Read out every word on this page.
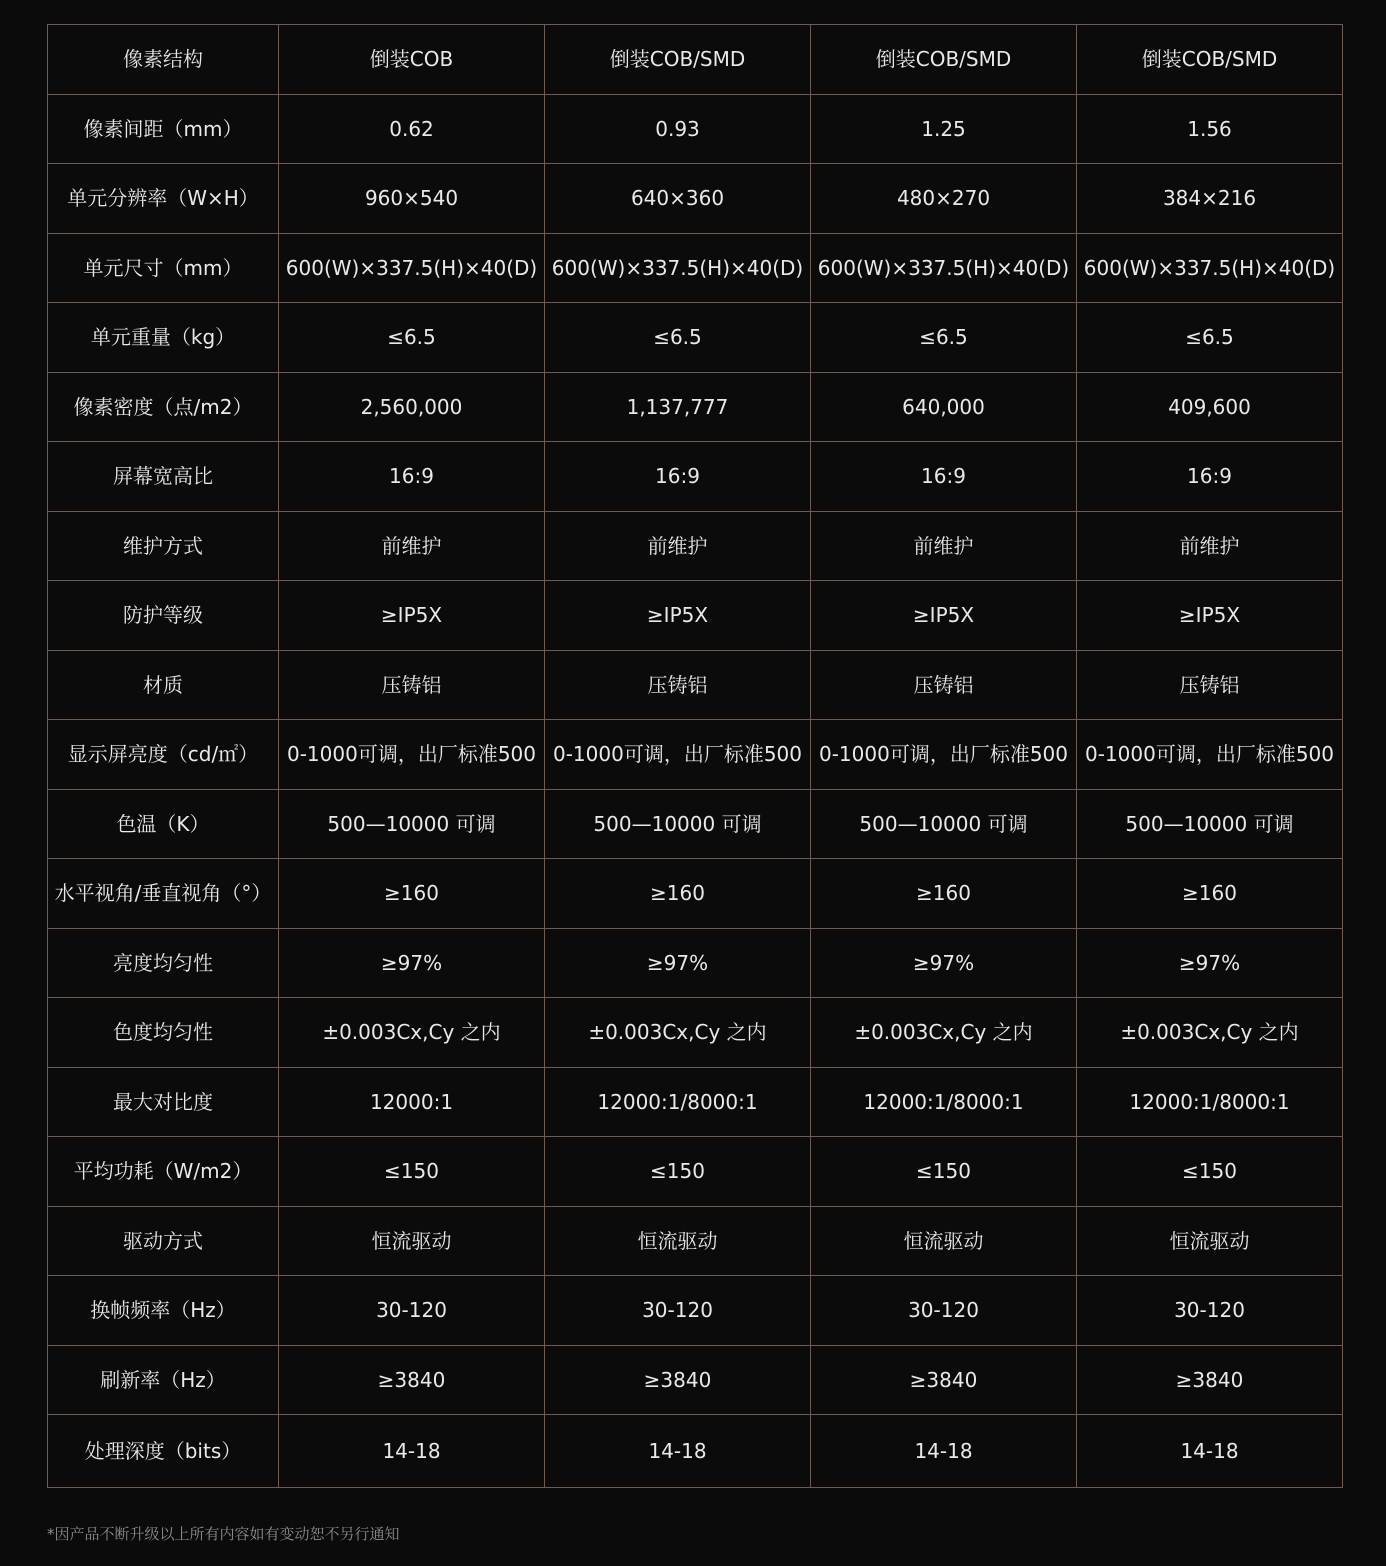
像素结构	倒装COB	倒装COB/SMD	倒装COB/SMD	倒装COB/SMD
像素间距（mm）	0.62	0.93	1.25	1.56
单元分辨率（W×H）	960×540	640×360	480×270	384×216
单元尺寸（mm）	600(W)×337.5(H)×40(D)	600(W)×337.5(H)×40(D)	600(W)×337.5(H)×40(D)	600(W)×337.5(H)×40(D)
单元重量（kg）	≤6.5	≤6.5	≤6.5	≤6.5
像素密度（点/m2）	2,560,000	1,137,777	640,000	409,600
屏幕宽高比	16:9	16:9	16:9	16:9
维护方式	前维护	前维护	前维护	前维护
防护等级	≥IP5X	≥IP5X	≥IP5X	≥IP5X
材质	压铸铝	压铸铝	压铸铝	压铸铝
显示屏亮度（cd/㎡）	0-1000可调，出厂标准500	0-1000可调，出厂标准500	0-1000可调，出厂标准500	0-1000可调，出厂标准500
色温（K）	500—10000 可调	500—10000 可调	500—10000 可调	500—10000 可调
水平视角/垂直视角（°）	≥160	≥160	≥160	≥160
亮度均匀性	≥97%	≥97%	≥97%	≥97%
色度均匀性	±0.003Cx,Cy 之内	±0.003Cx,Cy 之内	±0.003Cx,Cy 之内	±0.003Cx,Cy 之内
最大对比度	12000:1	12000:1/8000:1	12000:1/8000:1	12000:1/8000:1
平均功耗（W/m2）	≤150	≤150	≤150	≤150
驱动方式	恒流驱动	恒流驱动	恒流驱动	恒流驱动
换帧频率（Hz）	30-120	30-120	30-120	30-120
刷新率（Hz）	≥3840	≥3840	≥3840	≥3840
处理深度（bits）	14-18	14-18	14-18	14-18
*因产品不断升级以上所有内容如有变动恕不另行通知
